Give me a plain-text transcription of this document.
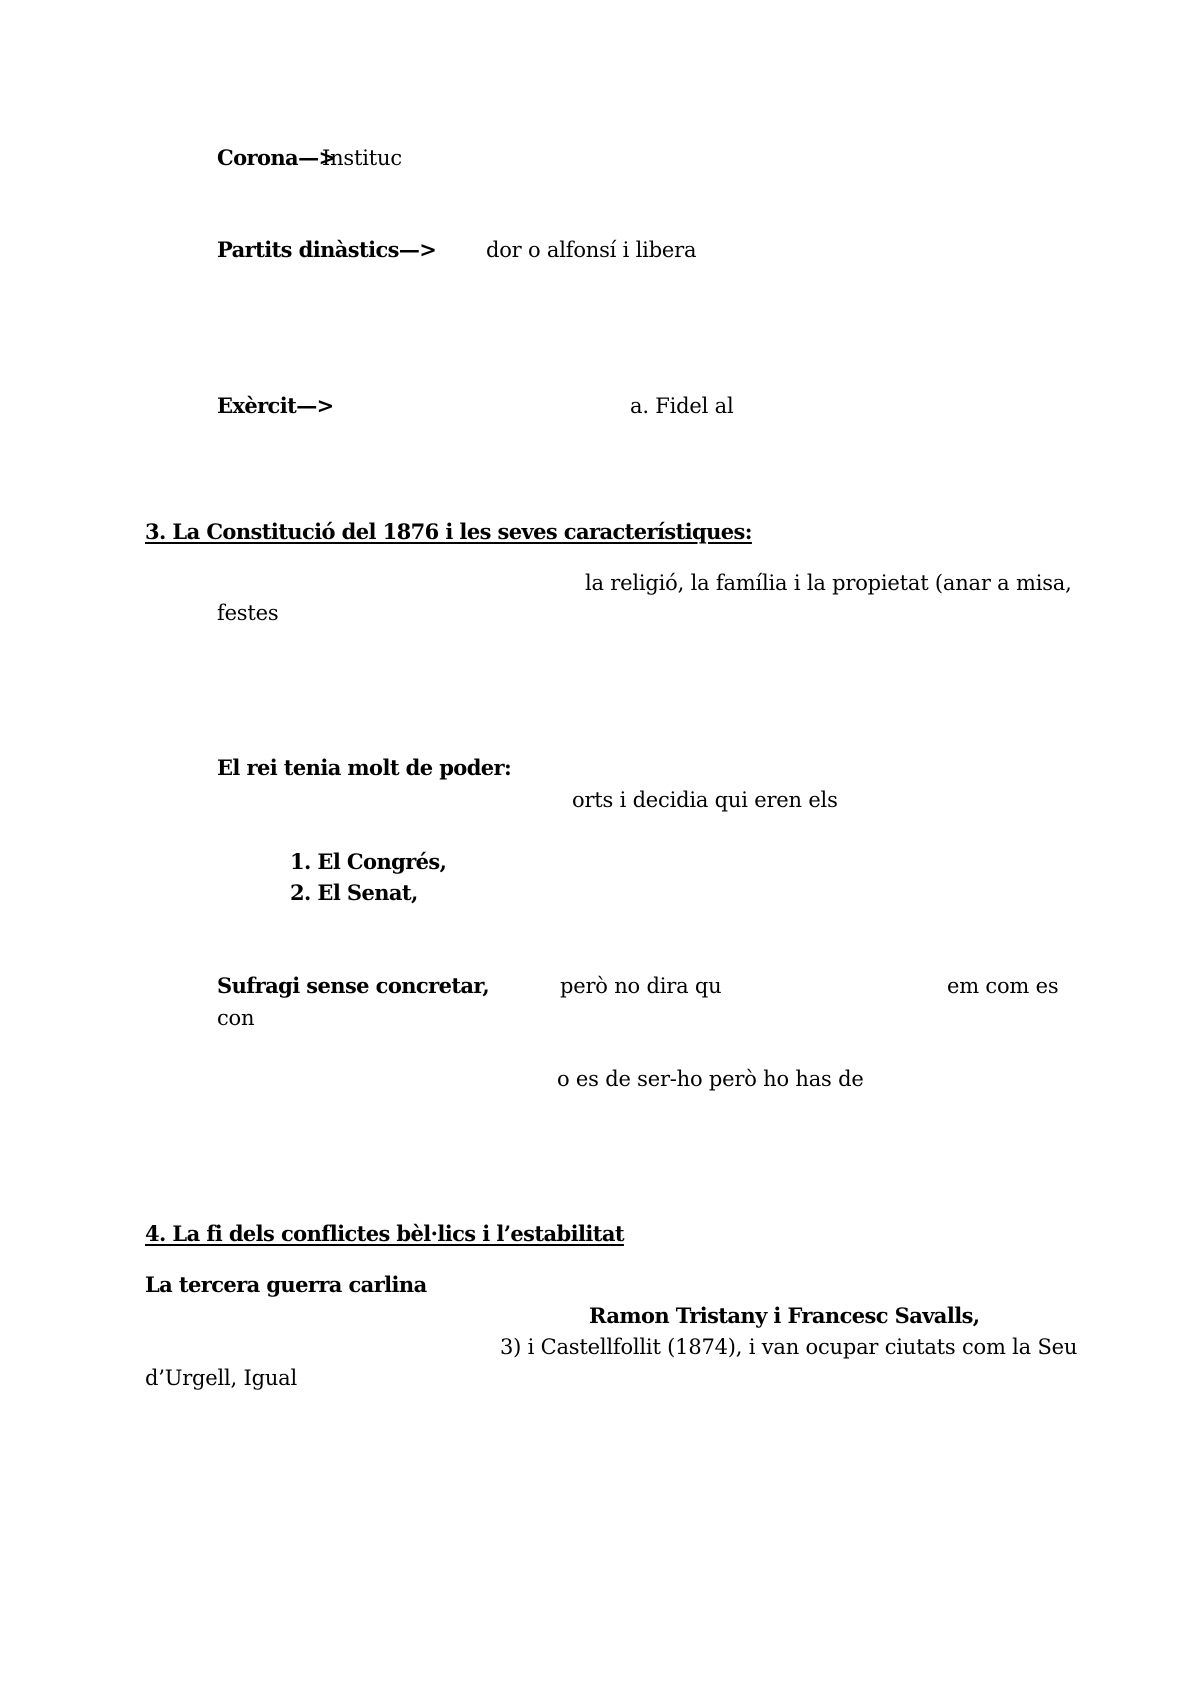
Corona—>
Instituc
Partits dinàstics—> dor o alfonsí i libera
Exèrcit—>	a. Fidel al
3. La Constitució del 1876 i les seves característiques:
la religió, la família i la propietat (anar a misa,
festes
El rei tenia molt de poder:
orts i decidia qui eren els
1. El Congrés,
2. El Senat,
Sufragi sense concretar,	però no dira qu	em com es
con
o es de ser-ho però ho has de
4. La fi dels conflictes bèl·lics i l’estabilitat
La tercera guerra carlina
Ramon Tristany i Francesc Savalls,
3) i Castellfollit (1874), i van ocupar ciutats com la Seu
d’Urgell, Igual
